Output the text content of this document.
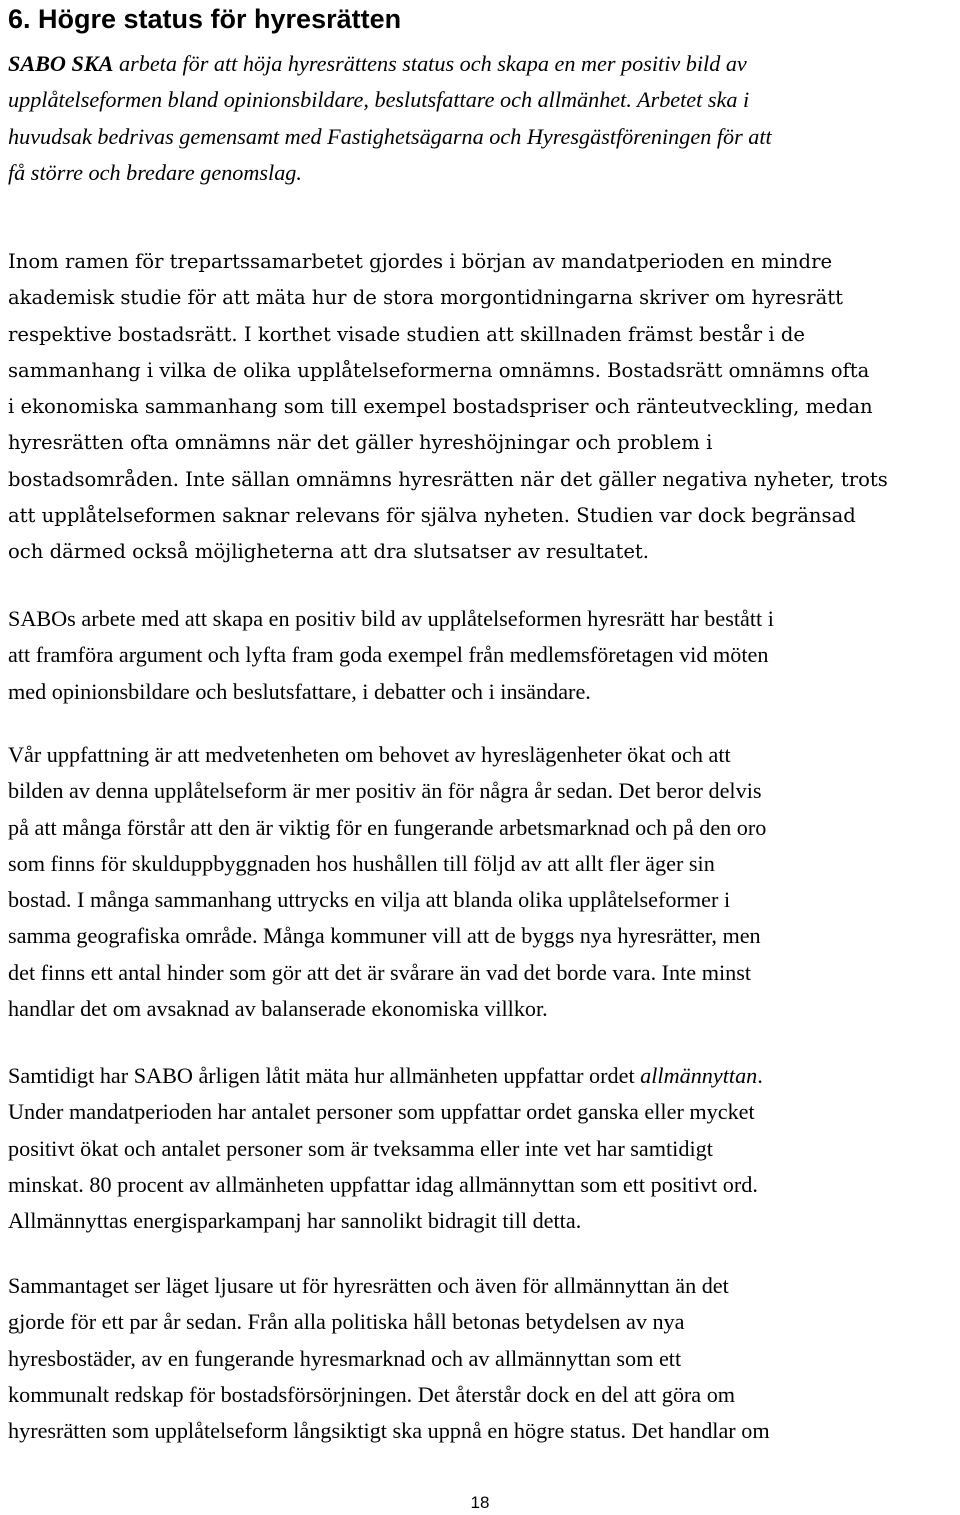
6. Högre status för hyresrätten

SABO SKA arbeta för att höja hyresrättens status och skapa en mer positiv bild av
upplåtelseformen bland opinionsbildare, beslutsfattare och allmänhet. Arbetet ska i
huvudsak bedrivas gemensamt med Fastighetsägarna och Hyresgästföreningen för att
få större och bredare genomslag.

Inom ramen för trepartssamarbetet gjordes i början av mandatperioden en mindre
akademisk studie för att mäta hur de stora morgontidningarna skriver om hyresrätt
respektive bostadsrätt. I korthet visade studien att skillnaden främst består i de
sammanhang i vilka de olika upplåtelseformerna omnämns. Bostadsrätt omnämns ofta
i ekonomiska sammanhang som till exempel bostadspriser och ränteutveckling, medan
hyresrätten ofta omnämns när det gäller hyreshöjningar och problem i
bostadsområden. Inte sällan omnämns hyresrätten när det gäller negativa nyheter, trots
att upplåtelseformen saknar relevans för själva nyheten. Studien var dock begränsad
och därmed också möjligheterna att dra slutsatser av resultatet.

SABOs arbete med att skapa en positiv bild av upplåtelseformen hyresrätt har bestått i
att framföra argument och lyfta fram goda exempel från medlemsföretagen vid möten
med opinionsbildare och beslutsfattare, i debatter och i insändare.

Vår uppfattning är att medvetenheten om behovet av hyreslägenheter ökat och att
bilden av denna upplåtelseform är mer positiv än för några år sedan. Det beror delvis
på att många förstår att den är viktig för en fungerande arbetsmarknad och på den oro
som finns för skulduppbyggnaden hos hushållen till följd av att allt fler äger sin
bostad. I många sammanhang uttrycks en vilja att blanda olika upplåtelseformer i
samma geografiska område. Många kommuner vill att de byggs nya hyresrätter, men
det finns ett antal hinder som gör att det är svårare än vad det borde vara. Inte minst
handlar det om avsaknad av balanserade ekonomiska villkor.

Samtidigt har SABO årligen låtit mäta hur allmänheten uppfattar ordet allmännyttan.
Under mandatperioden har antalet personer som uppfattar ordet ganska eller mycket
positivt ökat och antalet personer som är tveksamma eller inte vet har samtidigt
minskat. 80 procent av allmänheten uppfattar idag allmännyttan som ett positivt ord.
Allmännyttas energisparkampanj har sannolikt bidragit till detta.

Sammantaget ser läget ljusare ut för hyresrätten och även för allmännyttan än det
gjorde för ett par år sedan. Från alla politiska håll betonas betydelsen av nya
hyresbostäder, av en fungerande hyresmarknad och av allmännyttan som ett
kommunalt redskap för bostadsförsörjningen. Det återstår dock en del att göra om
hyresrätten som upplåtelseform långsiktigt ska uppnå en högre status. Det handlar om

18
